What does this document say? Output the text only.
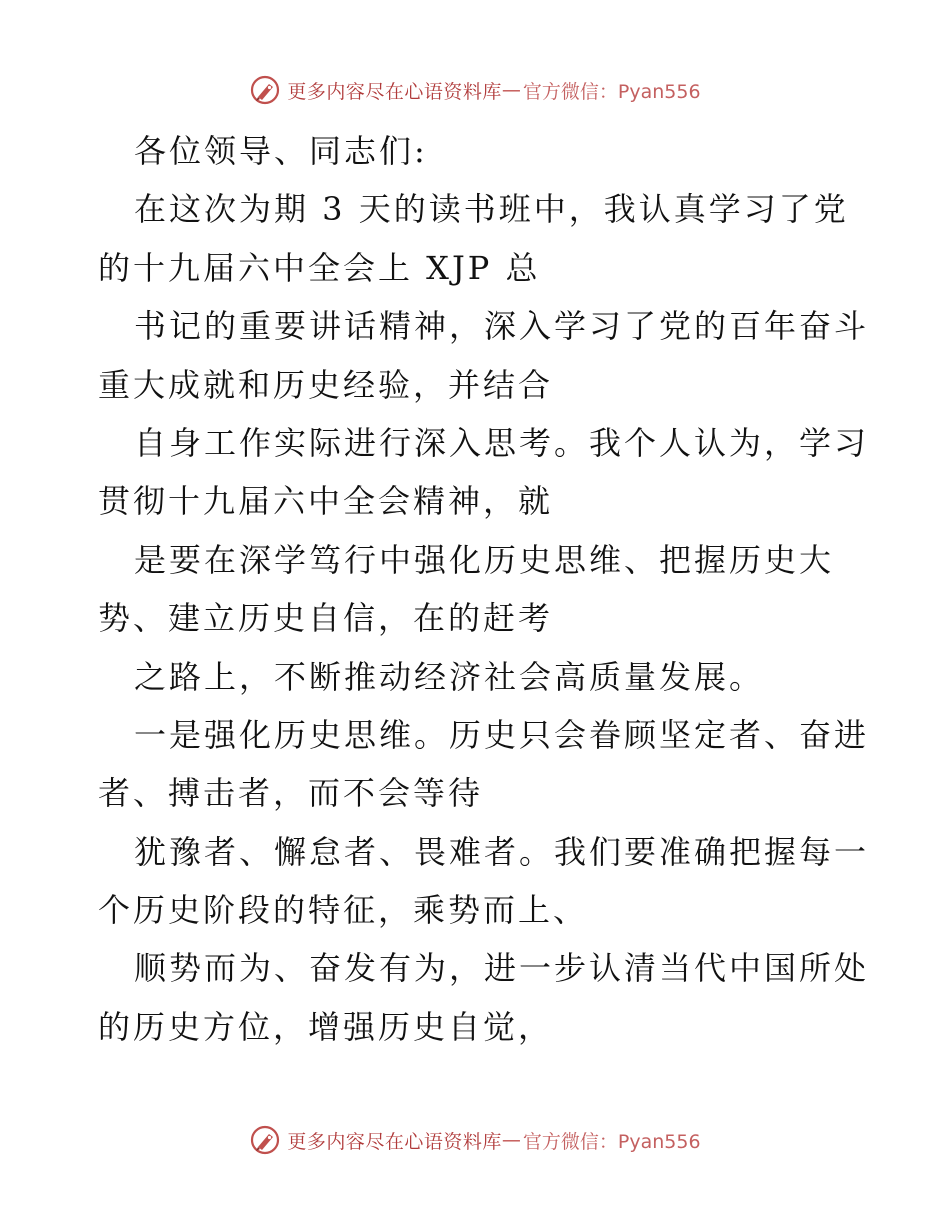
更多内容尽在心语资料库 — 官方微信：Pyan556
各位领导、同志们:
在这次为期 3 天的读书班中，我认真学习了党
的十九届六中全会上 XJP 总
书记的重要讲话精神，深入学习了党的百年奋斗
重大成就和历史经验，并结合
自身工作实际进行深入思考。我个人认为，学习
贯彻十九届六中全会精神，就
是要在深学笃行中强化历史思维、把握历史大
势、建立历史自信，在的赶考
之路上，不断推动经济社会高质量发展。
一是强化历史思维。历史只会眷顾坚定者、奋进
者、搏击者，而不会等待
犹豫者、懈怠者、畏难者。我们要准确把握每一
个历史阶段的特征，乘势而上、
顺势而为、奋发有为，进一步认清当代中国所处
的历史方位，增强历史自觉，
更多内容尽在心语资料库 — 官方微信：Pyan556
